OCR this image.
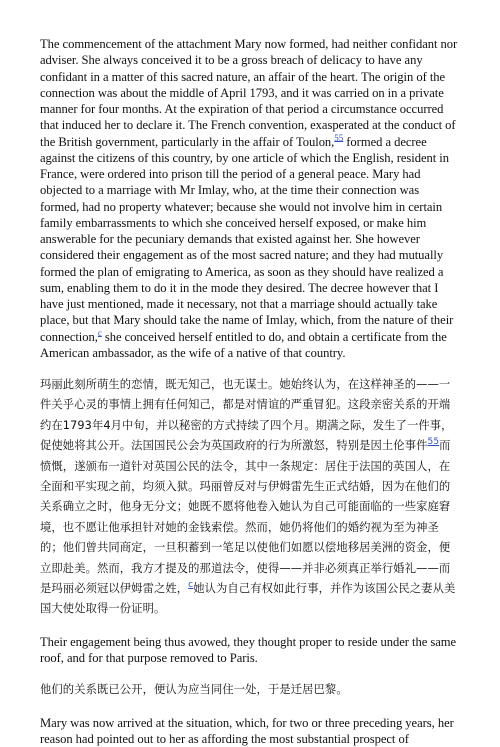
The commencement of the attachment Mary now formed, had neither confidant nor adviser. She always conceived it to be a gross breach of delicacy to have any confidant in a matter of this sacred nature, an affair of the heart. The origin of the connection was about the middle of April 1793, and it was carried on in a private manner for four months. At the expiration of that period a circumstance occurred that induced her to declare it. The French convention, exasperated at the conduct of the British government, particularly in the affair of Toulon,$^{55}$ formed a decree against the citizens of this country, by one article of which the English, resident in France, were ordered into prison till the period of a general peace. Mary had objected to a marriage with Mr Imlay, who, at the time their connection was formed, had no property whatever; because she would not involve him in certain family embarrassments to which she conceived herself exposed, or make him answerable for the pecuniary demands that existed against her. She however considered their engagement as of the most sacred nature; and they had mutually formed the plan of emigrating to America, as soon as they should have realized a sum, enabling them to do it in the mode they desired. The decree however that I have just mentioned, made it necessary, not that a marriage should actually take place, but that Mary should take the name of Imlay, which, from the nature of their connection,$^c$ she conceived herself entitled to do, and obtain a certificate from the American ambassador, as the wife of a native of that country.

玛丽此刻所萌生的恋情，既无知己，也无谋士。她始终认为，在这样神圣的——一件关乎心灵的事情上拥有任何知己，都是对情谊的严重冒犯。这段亲密关系的开端约在1793年4月中旬，并以秘密的方式持续了四个月。期满之际，发生了一件事，促使她将其公开。法国国民公会为英国政府的行为所激怒，特别是因土伦事件$^{55}$而愤慨，遂颁布一道针对英国公民的法令，其中一条规定：居住于法国的英国人，在全面和平实现之前，均须入狱。玛丽曾反对与伊姆雷先生正式结婚，因为在他们的关系确立之时，他身无分文；她既不愿将他卷入她认为自己可能面临的一些家庭窘境，也不愿让他承担针对她的金钱索偿。然而，她仍将他们的婚约视为至为神圣的；他们曾共同商定，一旦积蓄到一笔足以使他们如愿以偿地移居美洲的资金，便立即赴美。然而，我方才提及的那道法令，使得——并非必须真正举行婚礼——而是玛丽必须冠以伊姆雷之姓，$^c$她认为自己有权如此行事，并作为该国公民之妻从美国大使处取得一份证明。

Their engagement being thus avowed, they thought proper to reside under the same roof, and for that purpose removed to Paris.

他们的关系既已公开，便认为应当同住一处，于是迁居巴黎。

Mary was now arrived at the situation, which, for two or three preceding years, her reason had pointed out to her as affording the most substantial prospect of
